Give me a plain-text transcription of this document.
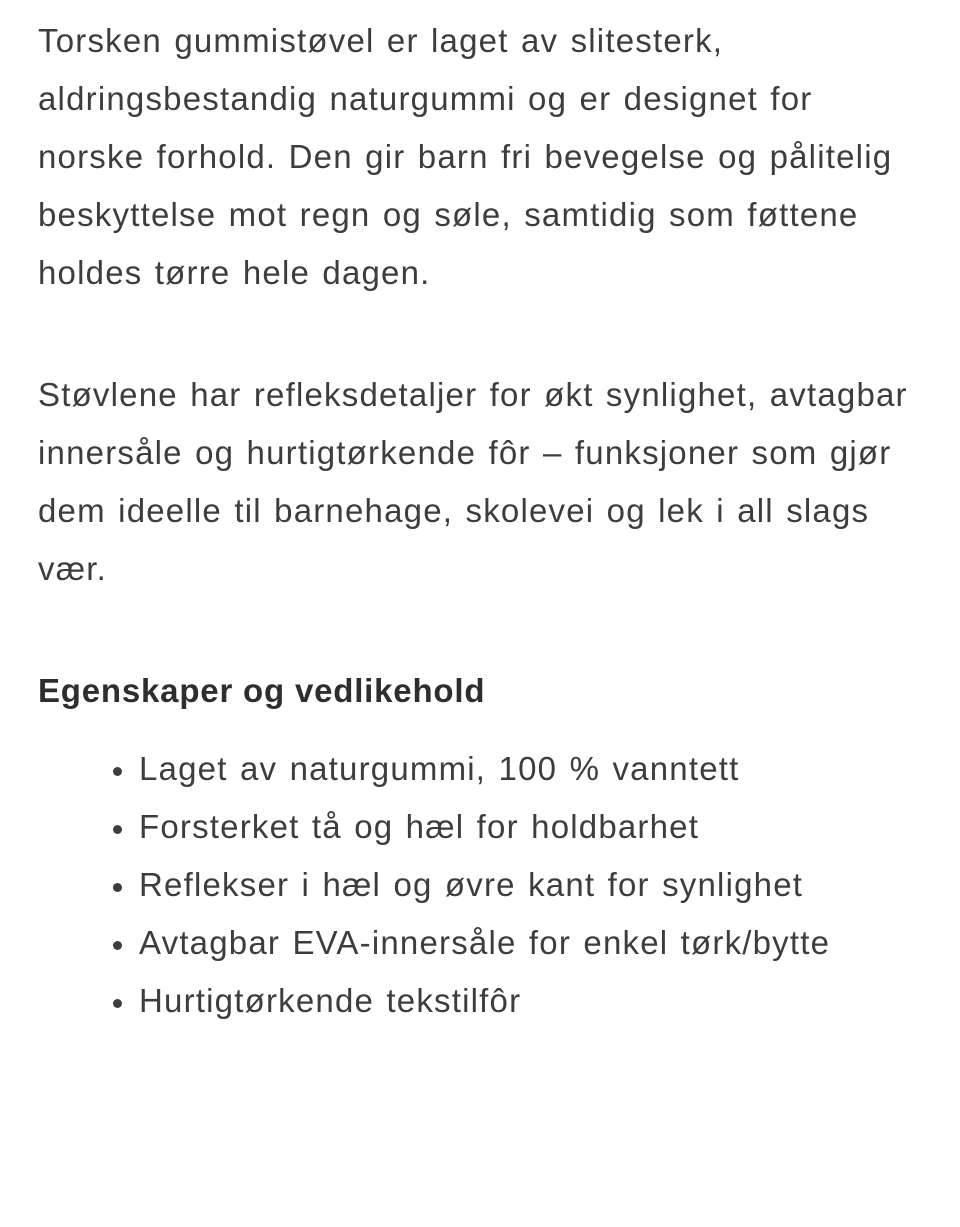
Torsken gummistøvel er laget av slitesterk, aldringsbestandig naturgummi og er designet for norske forhold. Den gir barn fri bevegelse og pålitelig beskyttelse mot regn og søle, samtidig som føttene holdes tørre hele dagen.

Støvlene har refleksdetaljer for økt synlighet, avtagbar innersåle og hurtigtørkende fôr – funksjoner som gjør dem ideelle til barnehage, skolevei og lek i all slags vær.

Egenskaper og vedlikehold
• Laget av naturgummi, 100 % vanntett
• Forsterket tå og hæl for holdbarhet
• Reflekser i hæl og øvre kant for synlighet
• Avtagbar EVA-innersåle for enkel tørk/bytte
• Hurtigtørkende tekstilfôr
